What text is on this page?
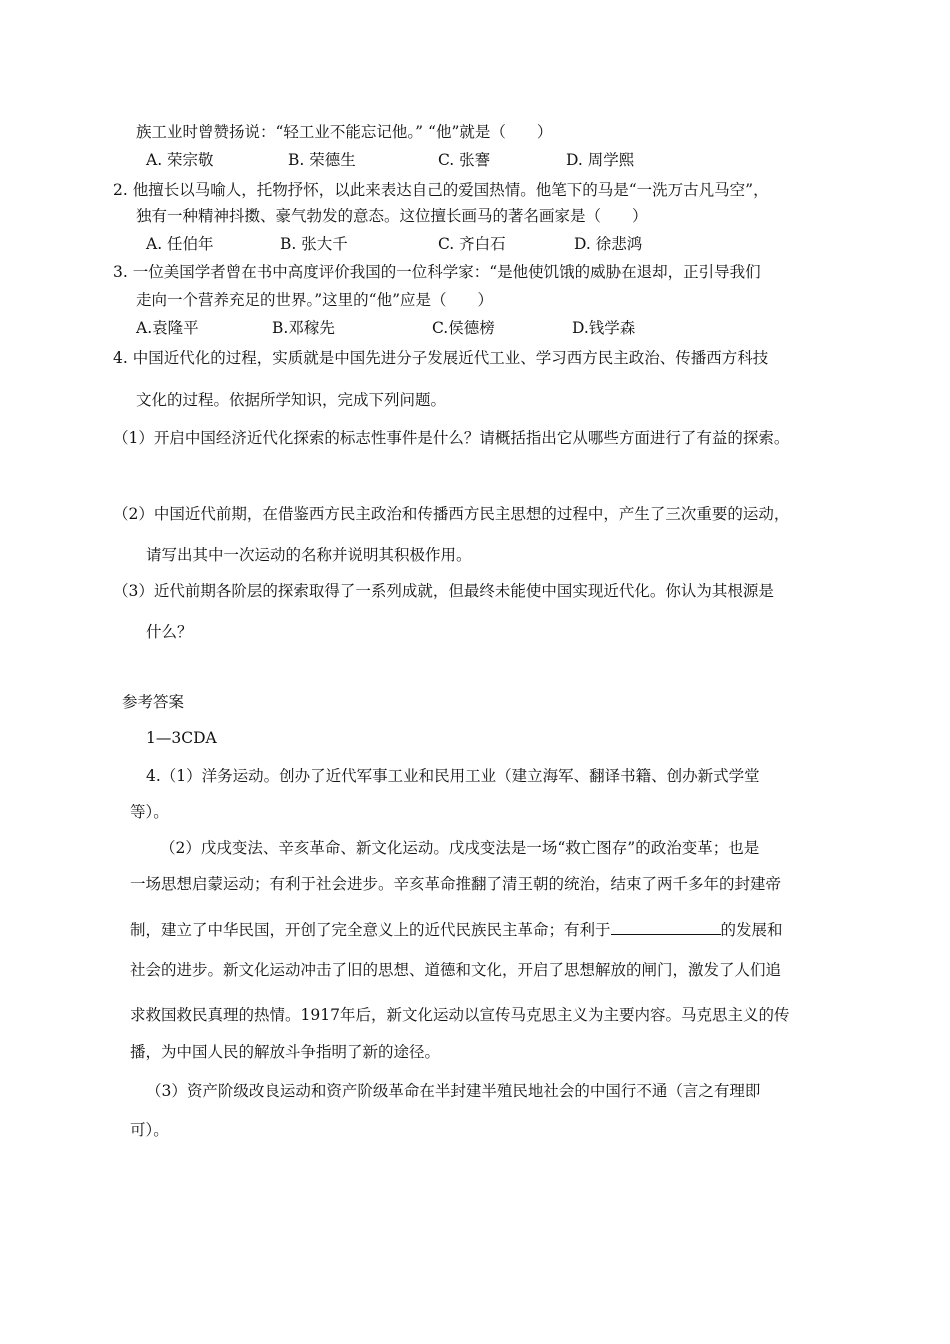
族工业时曾赞扬说：“轻工业不能忘记他。” “他”就是（　　）
A. 荣宗敬	B. 荣德生	C. 张謇	D. 周学熙
2. 他擅长以马喻人，托物抒怀，以此来表达自己的爱国热情。他笔下的马是“一洗万古凡马空”，
独有一种精神抖擞、豪气勃发的意态。这位擅长画马的著名画家是（　　）
A. 任伯年	B. 张大千	C. 齐白石	D. 徐悲鸿
3. 一位美国学者曾在书中高度评价我国的一位科学家：“是他使饥饿的威胁在退却，正引导我们
走向一个营养充足的世界。”这里的“他”应是（　　）
A.袁隆平	B.邓稼先	C.侯德榜	D.钱学森
4. 中国近代化的过程，实质就是中国先进分子发展近代工业、学习西方民主政治、传播西方科技
文化的过程。依据所学知识，完成下列问题。
（1）开启中国经济近代化探索的标志性事件是什么？请概括指出它从哪些方面进行了有益的探索。
（2）中国近代前期，在借鉴西方民主政治和传播西方民主思想的过程中，产生了三次重要的运动，
请写出其中一次运动的名称并说明其积极作用。
（3）近代前期各阶层的探索取得了一系列成就，但最终未能使中国实现近代化。你认为其根源是
什么？
参考答案
1—3CDA
4.（1）洋务运动。创办了近代军事工业和民用工业（建立海军、翻译书籍、创办新式学堂
等）。
（2）戊戌变法、辛亥革命、新文化运动。戊戌变法是一场“救亡图存”的政治变革；也是
一场思想启蒙运动；有利于社会进步。辛亥革命推翻了清王朝的统治，结束了两千多年的封建帝
制，建立了中华民国，开创了完全意义上的近代民族民主革命；有利于	的发展和
社会的进步。新文化运动冲击了旧的思想、道德和文化，开启了思想解放的闸门，激发了人们追
求救国救民真理的热情。1917年后，新文化运动以宣传马克思主义为主要内容。马克思主义的传
播，为中国人民的解放斗争指明了新的途径。
（3）资产阶级改良运动和资产阶级革命在半封建半殖民地社会的中国行不通（言之有理即
可）。
